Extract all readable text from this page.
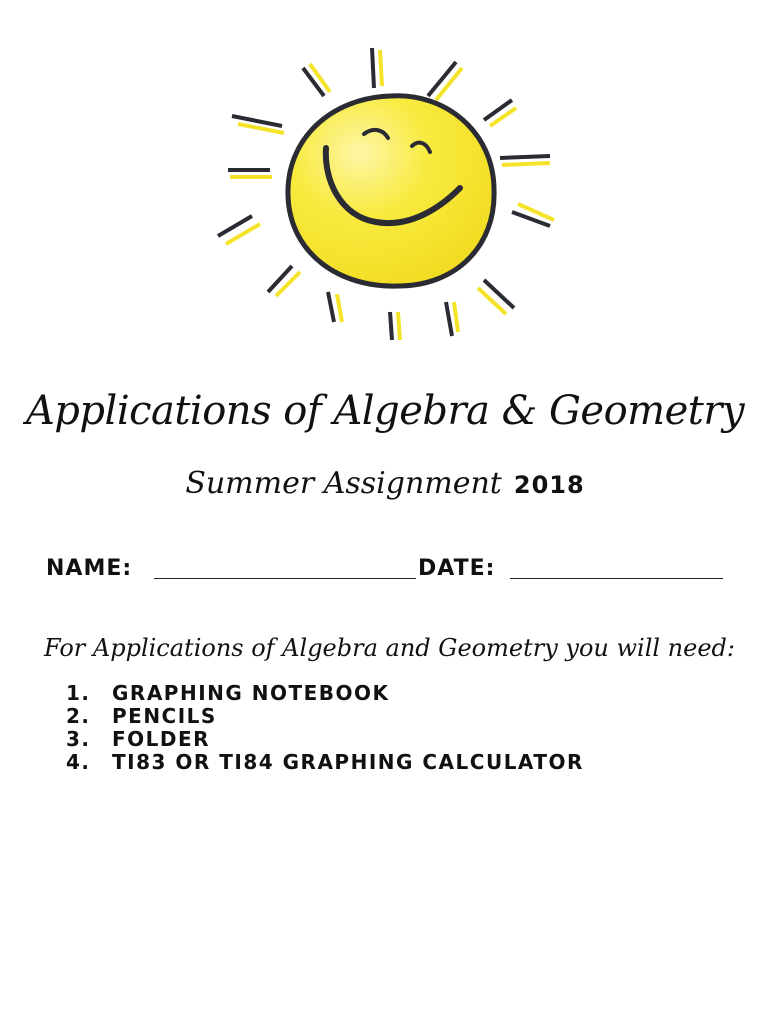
Applications of Algebra & Geometry
Summer Assignment 2018
NAME:	DATE:
For Applications of Algebra and Geometry you will need:
1. GRAPHING NOTEBOOK
2. PENCILS
3. FOLDER
4. TI83 OR TI84 GRAPHING CALCULATOR
